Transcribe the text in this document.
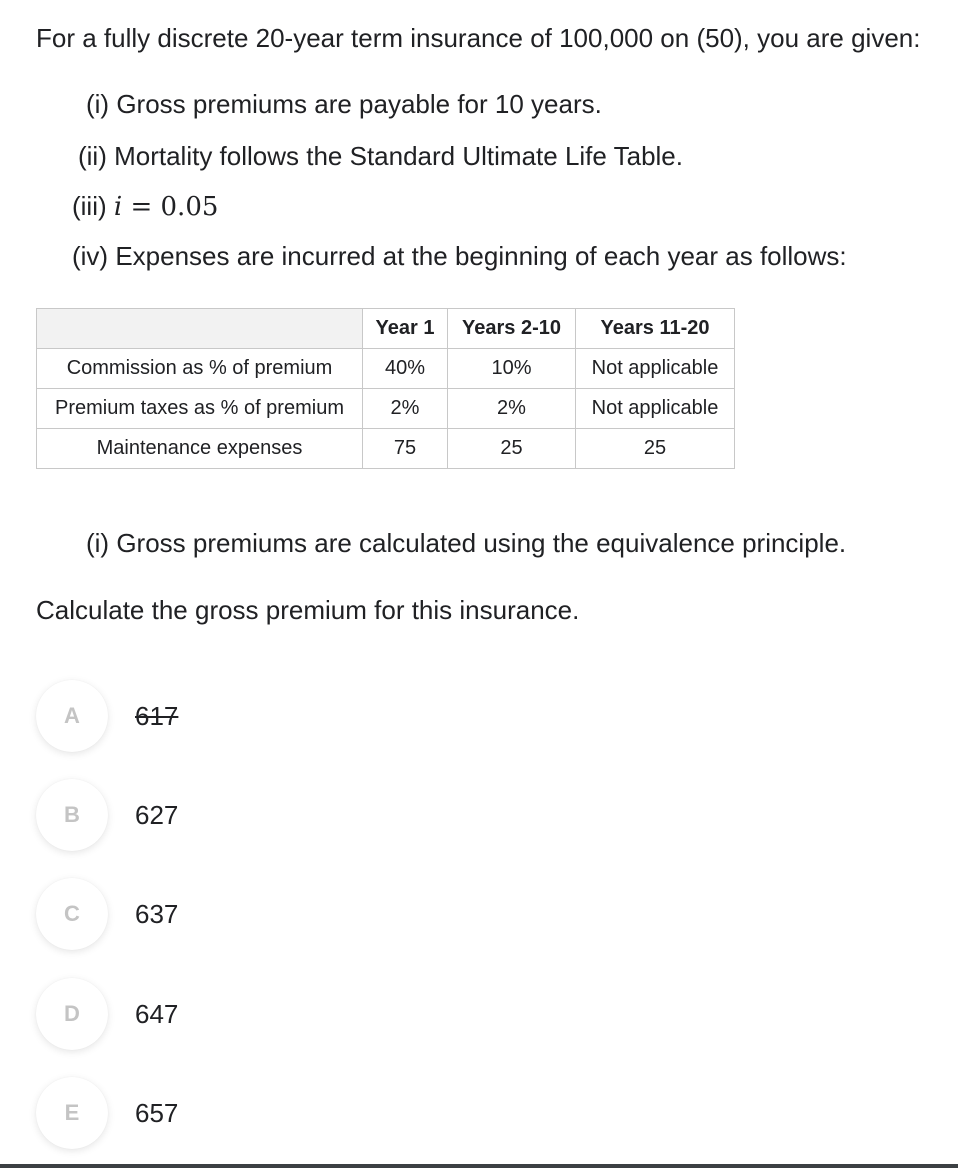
For a fully discrete 20-year term insurance of 100,000 on (50), you are given:
(i) Gross premiums are payable for 10 years.
(ii) Mortality follows the Standard Ultimate Life Table.
(iii) i = 0.05
(iv) Expenses are incurred at the beginning of each year as follows:
	Year 1	Years 2-10	Years 11-20
Commission as % of premium	40%	10%	Not applicable
Premium taxes as % of premium	2%	2%	Not applicable
Maintenance expenses	75	25	25
(i) Gross premiums are calculated using the equivalence principle.
Calculate the gross premium for this insurance.
A	617
B	627
C	637
D	647
E	657
